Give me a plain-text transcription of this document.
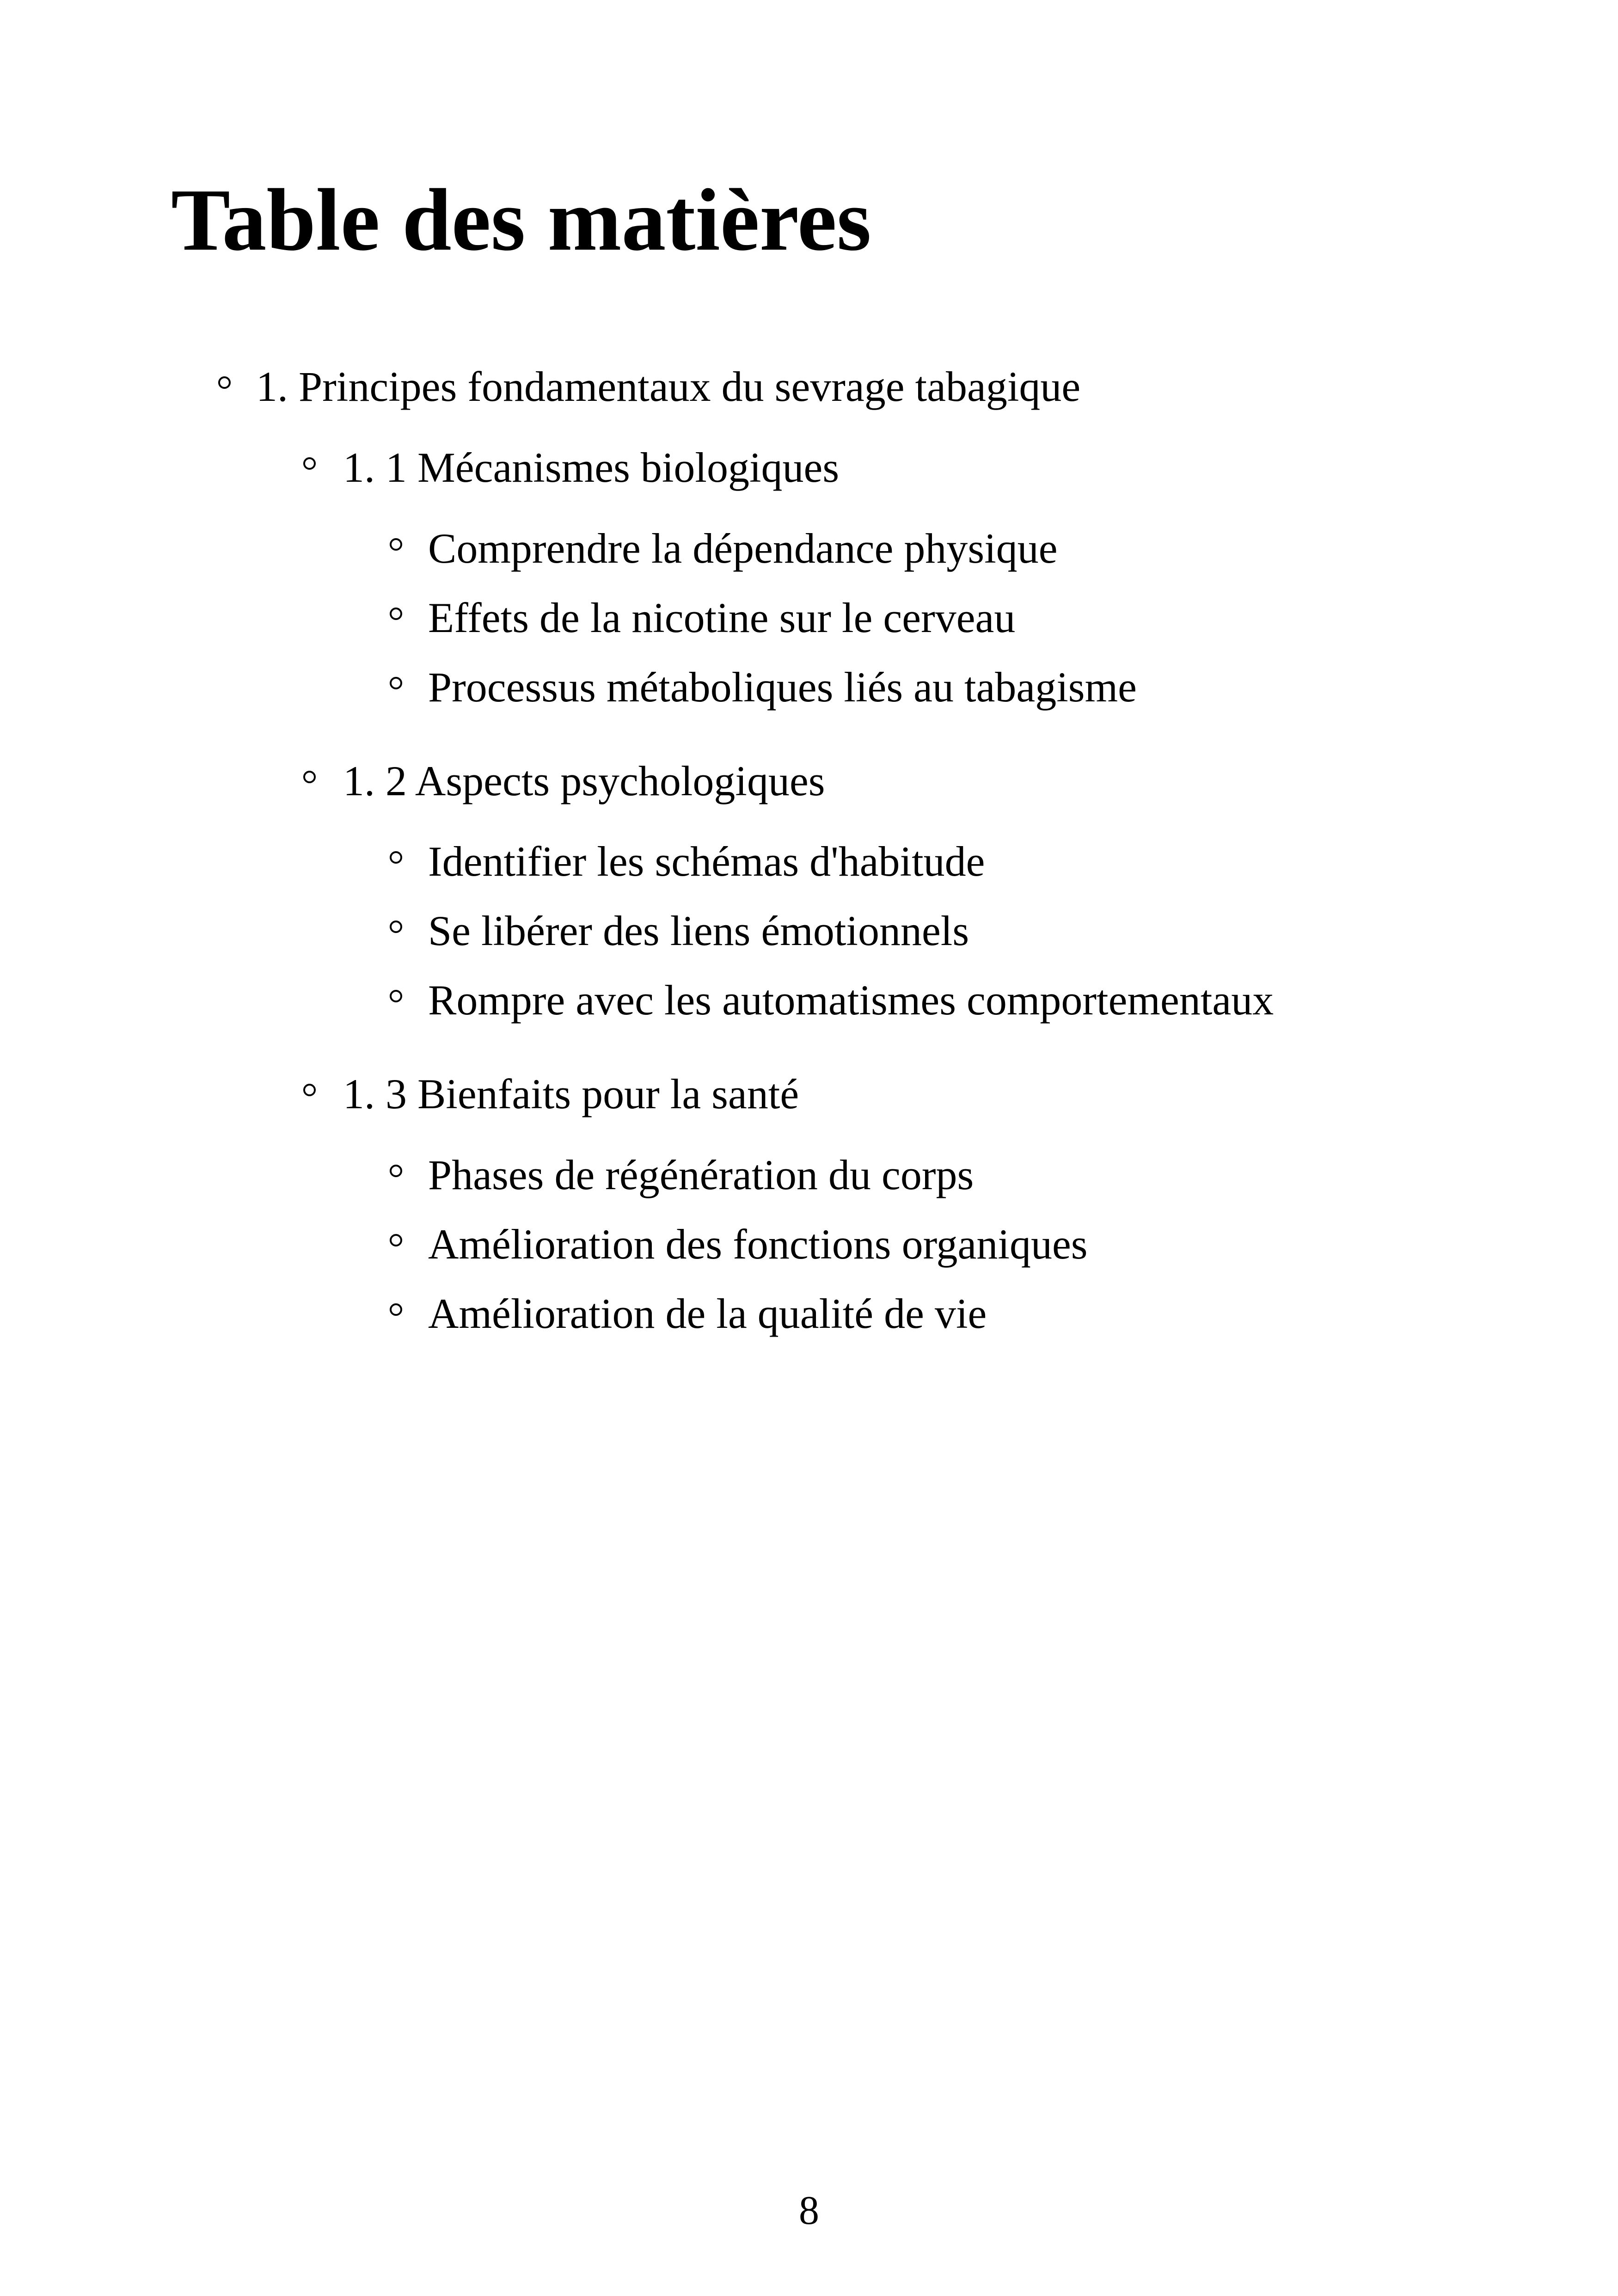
Table des matières
1. Principes fondamentaux du sevrage tabagique
1. 1 Mécanismes biologiques
Comprendre la dépendance physique
Effets de la nicotine sur le cerveau
Processus métaboliques liés au tabagisme
1. 2 Aspects psychologiques
Identifier les schémas d'habitude
Se libérer des liens émotionnels
Rompre avec les automatismes comportementaux
1. 3 Bienfaits pour la santé
Phases de régénération du corps
Amélioration des fonctions organiques
Amélioration de la qualité de vie
8
